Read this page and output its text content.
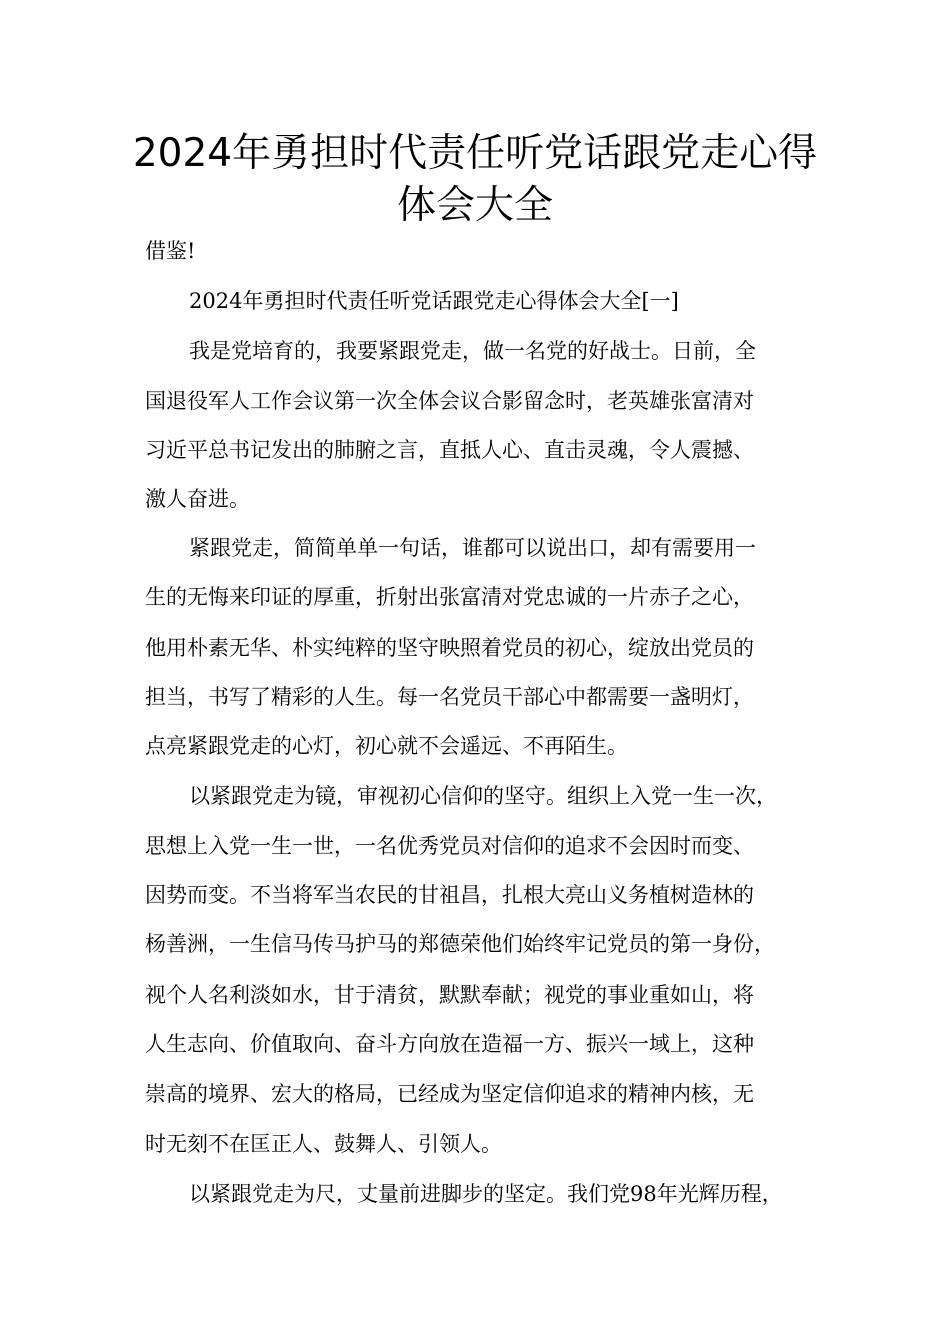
2024年勇担时代责任听党话跟党走心得
体会大全

借鉴!

2024年勇担时代责任听党话跟党走心得体会大全[一]

我是党培育的，我要紧跟党走，做一名党的好战士。日前，全

国退役军人工作会议第一次全体会议合影留念时，老英雄张富清对

习近平总书记发出的肺腑之言，直抵人心、直击灵魂，令人震撼、

激人奋进。

紧跟党走，简简单单一句话，谁都可以说出口，却有需要用一

生的无悔来印证的厚重，折射出张富清对党忠诚的一片赤子之心，

他用朴素无华、朴实纯粹的坚守映照着党员的初心，绽放出党员的

担当，书写了精彩的人生。每一名党员干部心中都需要一盏明灯，

点亮紧跟党走的心灯，初心就不会遥远、不再陌生。

以紧跟党走为镜，审视初心信仰的坚守。组织上入党一生一次，

思想上入党一生一世，一名优秀党员对信仰的追求不会因时而变、

因势而变。不当将军当农民的甘祖昌，扎根大亮山义务植树造林的

杨善洲，一生信马传马护马的郑德荣他们始终牢记党员的第一身份，

视个人名利淡如水，甘于清贫，默默奉献；视党的事业重如山，将

人生志向、价值取向、奋斗方向放在造福一方、振兴一域上，这种

崇高的境界、宏大的格局，已经成为坚定信仰追求的精神内核，无

时无刻不在匡正人、鼓舞人、引领人。

以紧跟党走为尺，丈量前进脚步的坚定。我们党98年光辉历程，
